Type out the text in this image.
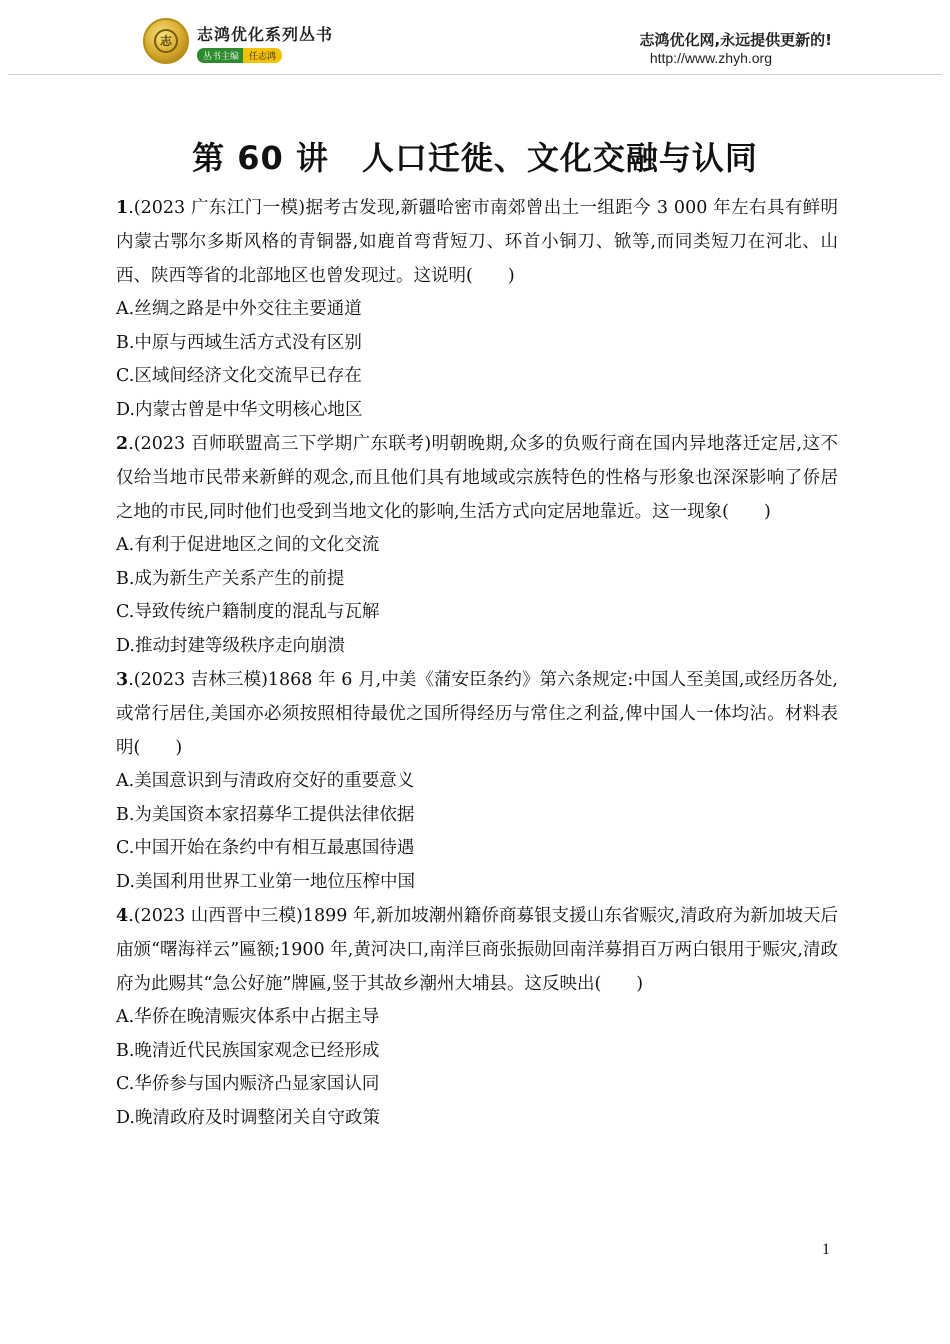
志	志鸿优化系列丛书
丛书主编 任志鸿
志鸿优化网,永远提供更新的!
http://www.zhyh.org
第 60 讲　人口迁徙、文化交融与认同

1.(2023 广东江门一模)据考古发现,新疆哈密市南郊曾出土一组距今 3 000 年左右具有鲜明内蒙古鄂尔多斯风格的青铜器,如鹿首弯背短刀、环首小铜刀、锨等,而同类短刀在河北、山西、陕西等省的北部地区也曾发现过。这说明(　　)

A.丝绸之路是中外交往主要通道

B.中原与西域生活方式没有区别

C.区域间经济文化交流早已存在

D.内蒙古曾是中华文明核心地区

2.(2023 百师联盟高三下学期广东联考)明朝晚期,众多的负贩行商在国内异地落迁定居,这不仅给当地市民带来新鲜的观念,而且他们具有地域或宗族特色的性格与形象也深深影响了侨居之地的市民,同时他们也受到当地文化的影响,生活方式向定居地靠近。这一现象(　　)

A.有利于促进地区之间的文化交流

B.成为新生产关系产生的前提

C.导致传统户籍制度的混乱与瓦解

D.推动封建等级秩序走向崩溃

3.(2023 吉林三模)1868 年 6 月,中美《蒲安臣条约》第六条规定:中国人至美国,或经历各处,或常行居住,美国亦必须按照相待最优之国所得经历与常住之利益,俾中国人一体均沾。材料表明(　　)

A.美国意识到与清政府交好的重要意义

B.为美国资本家招募华工提供法律依据

C.中国开始在条约中有相互最惠国待遇

D.美国利用世界工业第一地位压榨中国

4.(2023 山西晋中三模)1899 年,新加坡潮州籍侨商募银支援山东省赈灾,清政府为新加坡天后庙颁“曙海祥云”匾额;1900 年,黄河决口,南洋巨商张振勋回南洋募捐百万两白银用于赈灾,清政府为此赐其“急公好施”牌匾,竖于其故乡潮州大埔县。这反映出(　　)

A.华侨在晚清赈灾体系中占据主导

B.晚清近代民族国家观念已经形成

C.华侨参与国内赈济凸显家国认同

D.晚清政府及时调整闭关自守政策

1
